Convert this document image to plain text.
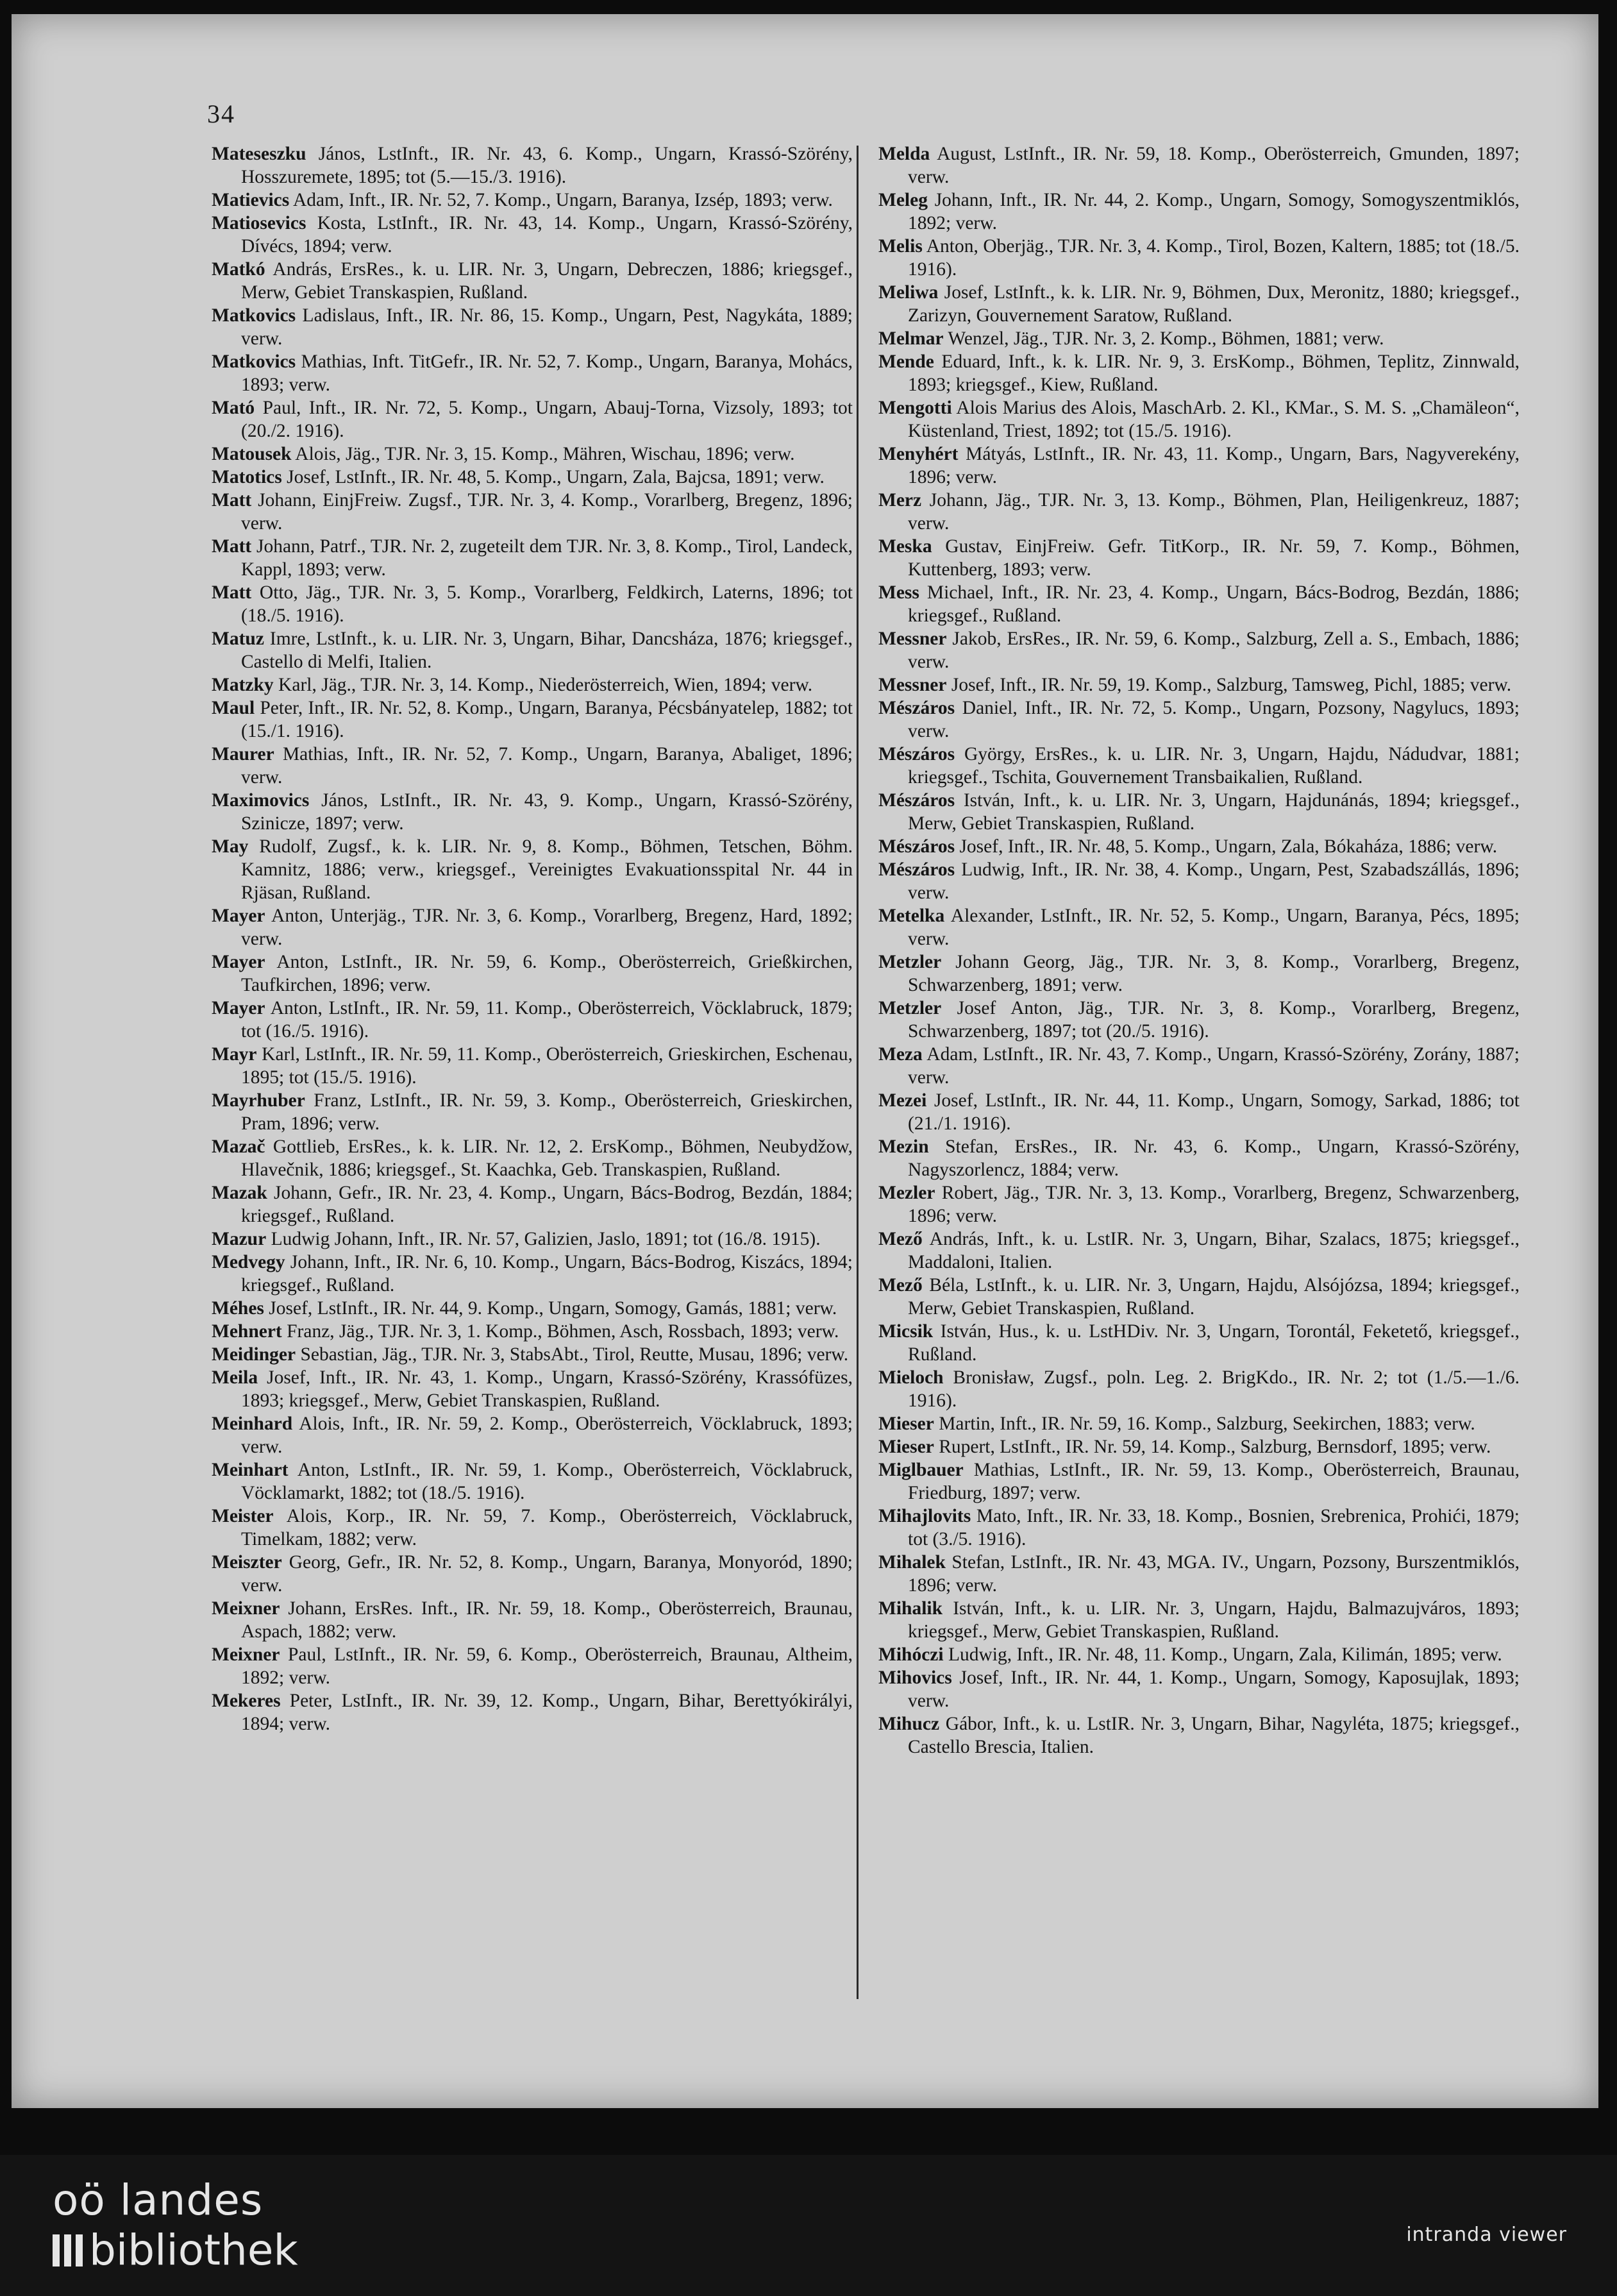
34
Mateseszku János, LstInft., IR. Nr. 43, 6. Komp., Ungarn, Krassó-Szörény, Hosszuremete, 1895; tot (5.—15./3. 1916).
Matievics Adam, Inft., IR. Nr. 52, 7. Komp., Ungarn, Baranya, Izsép, 1893; verw.
Matiosevics Kosta, LstInft., IR. Nr. 43, 14. Komp., Ungarn, Krassó-Szörény, Dívécs, 1894; verw.
Matkó András, ErsRes., k. u. LIR. Nr. 3, Ungarn, Debreczen, 1886; kriegsgef., Merw, Gebiet Transkaspien, Rußland.
Matkovics Ladislaus, Inft., IR. Nr. 86, 15. Komp., Ungarn, Pest, Nagykáta, 1889; verw.
Matkovics Mathias, Inft. TitGefr., IR. Nr. 52, 7. Komp., Ungarn, Baranya, Mohács, 1893; verw.
Mató Paul, Inft., IR. Nr. 72, 5. Komp., Ungarn, Abauj-Torna, Vizsoly, 1893; tot (20./2. 1916).
Matousek Alois, Jäg., TJR. Nr. 3, 15. Komp., Mähren, Wischau, 1896; verw.
Matotics Josef, LstInft., IR. Nr. 48, 5. Komp., Ungarn, Zala, Bajcsa, 1891; verw.
Matt Johann, EinjFreiw. Zugsf., TJR. Nr. 3, 4. Komp., Vorarlberg, Bregenz, 1896; verw.
Matt Johann, Patrf., TJR. Nr. 2, zugeteilt dem TJR. Nr. 3, 8. Komp., Tirol, Landeck, Kappl, 1893; verw.
Matt Otto, Jäg., TJR. Nr. 3, 5. Komp., Vorarlberg, Feldkirch, Laterns, 1896; tot (18./5. 1916).
Matuz Imre, LstInft., k. u. LIR. Nr. 3, Ungarn, Bihar, Dancsháza, 1876; kriegsgef., Castello di Melfi, Italien.
Matzky Karl, Jäg., TJR. Nr. 3, 14. Komp., Niederösterreich, Wien, 1894; verw.
Maul Peter, Inft., IR. Nr. 52, 8. Komp., Ungarn, Baranya, Pécsbányatelep, 1882; tot (15./1. 1916).
Maurer Mathias, Inft., IR. Nr. 52, 7. Komp., Ungarn, Baranya, Abaliget, 1896; verw.
Maximovics János, LstInft., IR. Nr. 43, 9. Komp., Ungarn, Krassó-Szörény, Szinicze, 1897; verw.
May Rudolf, Zugsf., k. k. LIR. Nr. 9, 8. Komp., Böhmen, Tetschen, Böhm. Kamnitz, 1886; verw., kriegsgef., Vereinigtes Evakuationsspital Nr. 44 in Rjäsan, Rußland.
Mayer Anton, Unterjäg., TJR. Nr. 3, 6. Komp., Vorarlberg, Bregenz, Hard, 1892; verw.
Mayer Anton, LstInft., IR. Nr. 59, 6. Komp., Oberösterreich, Grießkirchen, Taufkirchen, 1896; verw.
Mayer Anton, LstInft., IR. Nr. 59, 11. Komp., Oberösterreich, Vöcklabruck, 1879; tot (16./5. 1916).
Mayr Karl, LstInft., IR. Nr. 59, 11. Komp., Oberösterreich, Grieskirchen, Eschenau, 1895; tot (15./5. 1916).
Mayrhuber Franz, LstInft., IR. Nr. 59, 3. Komp., Oberösterreich, Grieskirchen, Pram, 1896; verw.
Mazač Gottlieb, ErsRes., k. k. LIR. Nr. 12, 2. ErsKomp., Böhmen, Neubydžow, Hlavečnik, 1886; kriegsgef., St. Kaachka, Geb. Transkaspien, Rußland.
Mazak Johann, Gefr., IR. Nr. 23, 4. Komp., Ungarn, Bács-Bodrog, Bezdán, 1884; kriegsgef., Rußland.
Mazur Ludwig Johann, Inft., IR. Nr. 57, Galizien, Jaslo, 1891; tot (16./8. 1915).
Medvegy Johann, Inft., IR. Nr. 6, 10. Komp., Ungarn, Bács-Bodrog, Kiszács, 1894; kriegsgef., Rußland.
Méhes Josef, LstInft., IR. Nr. 44, 9. Komp., Ungarn, Somogy, Gamás, 1881; verw.
Mehnert Franz, Jäg., TJR. Nr. 3, 1. Komp., Böhmen, Asch, Rossbach, 1893; verw.
Meidinger Sebastian, Jäg., TJR. Nr. 3, StabsAbt., Tirol, Reutte, Musau, 1896; verw.
Meila Josef, Inft., IR. Nr. 43, 1. Komp., Ungarn, Krassó-Szörény, Krassófüzes, 1893; kriegsgef., Merw, Gebiet Transkaspien, Rußland.
Meinhard Alois, Inft., IR. Nr. 59, 2. Komp., Oberösterreich, Vöcklabruck, 1893; verw.
Meinhart Anton, LstInft., IR. Nr. 59, 1. Komp., Oberösterreich, Vöcklabruck, Vöcklamarkt, 1882; tot (18./5. 1916).
Meister Alois, Korp., IR. Nr. 59, 7. Komp., Oberösterreich, Vöcklabruck, Timelkam, 1882; verw.
Meiszter Georg, Gefr., IR. Nr. 52, 8. Komp., Ungarn, Baranya, Monyoród, 1890; verw.
Meixner Johann, ErsRes. Inft., IR. Nr. 59, 18. Komp., Oberösterreich, Braunau, Aspach, 1882; verw.
Meixner Paul, LstInft., IR. Nr. 59, 6. Komp., Oberösterreich, Braunau, Altheim, 1892; verw.
Mekeres Peter, LstInft., IR. Nr. 39, 12. Komp., Ungarn, Bihar, Berettyókirályi, 1894; verw.
Melda August, LstInft., IR. Nr. 59, 18. Komp., Oberösterreich, Gmunden, 1897; verw.
Meleg Johann, Inft., IR. Nr. 44, 2. Komp., Ungarn, Somogy, Somogyszentmiklós, 1892; verw.
Melis Anton, Oberjäg., TJR. Nr. 3, 4. Komp., Tirol, Bozen, Kaltern, 1885; tot (18./5. 1916).
Meliwa Josef, LstInft., k. k. LIR. Nr. 9, Böhmen, Dux, Meronitz, 1880; kriegsgef., Zarizyn, Gouvernement Saratow, Rußland.
Melmar Wenzel, Jäg., TJR. Nr. 3, 2. Komp., Böhmen, 1881; verw.
Mende Eduard, Inft., k. k. LIR. Nr. 9, 3. ErsKomp., Böhmen, Teplitz, Zinnwald, 1893; kriegsgef., Kiew, Rußland.
Mengotti Alois Marius des Alois, MaschArb. 2. Kl., KMar., S. M. S. „Chamäleon“, Küstenland, Triest, 1892; tot (15./5. 1916).
Menyhért Mátyás, LstInft., IR. Nr. 43, 11. Komp., Ungarn, Bars, Nagyverekény, 1896; verw.
Merz Johann, Jäg., TJR. Nr. 3, 13. Komp., Böhmen, Plan, Heiligenkreuz, 1887; verw.
Meska Gustav, EinjFreiw. Gefr. TitKorp., IR. Nr. 59, 7. Komp., Böhmen, Kuttenberg, 1893; verw.
Mess Michael, Inft., IR. Nr. 23, 4. Komp., Ungarn, Bács-Bodrog, Bezdán, 1886; kriegsgef., Rußland.
Messner Jakob, ErsRes., IR. Nr. 59, 6. Komp., Salzburg, Zell a. S., Embach, 1886; verw.
Messner Josef, Inft., IR. Nr. 59, 19. Komp., Salzburg, Tamsweg, Pichl, 1885; verw.
Mészáros Daniel, Inft., IR. Nr. 72, 5. Komp., Ungarn, Pozsony, Nagylucs, 1893; verw.
Mészáros György, ErsRes., k. u. LIR. Nr. 3, Ungarn, Hajdu, Nádudvar, 1881; kriegsgef., Tschita, Gouvernement Transbaikalien, Rußland.
Mészáros István, Inft., k. u. LIR. Nr. 3, Ungarn, Hajdunánás, 1894; kriegsgef., Merw, Gebiet Transkaspien, Rußland.
Mészáros Josef, Inft., IR. Nr. 48, 5. Komp., Ungarn, Zala, Bókaháza, 1886; verw.
Mészáros Ludwig, Inft., IR. Nr. 38, 4. Komp., Ungarn, Pest, Szabadszállás, 1896; verw.
Metelka Alexander, LstInft., IR. Nr. 52, 5. Komp., Ungarn, Baranya, Pécs, 1895; verw.
Metzler Johann Georg, Jäg., TJR. Nr. 3, 8. Komp., Vorarlberg, Bregenz, Schwarzenberg, 1891; verw.
Metzler Josef Anton, Jäg., TJR. Nr. 3, 8. Komp., Vorarlberg, Bregenz, Schwarzenberg, 1897; tot (20./5. 1916).
Meza Adam, LstInft., IR. Nr. 43, 7. Komp., Ungarn, Krassó-Szörény, Zorány, 1887; verw.
Mezei Josef, LstInft., IR. Nr. 44, 11. Komp., Ungarn, Somogy, Sarkad, 1886; tot (21./1. 1916).
Mezin Stefan, ErsRes., IR. Nr. 43, 6. Komp., Ungarn, Krassó-Szörény, Nagyszorlencz, 1884; verw.
Mezler Robert, Jäg., TJR. Nr. 3, 13. Komp., Vorarlberg, Bregenz, Schwarzenberg, 1896; verw.
Mező András, Inft., k. u. LstIR. Nr. 3, Ungarn, Bihar, Szalacs, 1875; kriegsgef., Maddaloni, Italien.
Mező Béla, LstInft., k. u. LIR. Nr. 3, Ungarn, Hajdu, Alsójózsa, 1894; kriegsgef., Merw, Gebiet Transkaspien, Rußland.
Micsik István, Hus., k. u. LstHDiv. Nr. 3, Ungarn, Torontál, Feketető, kriegsgef., Rußland.
Mieloch Bronisław, Zugsf., poln. Leg. 2. BrigKdo., IR. Nr. 2; tot (1./5.—1./6. 1916).
Mieser Martin, Inft., IR. Nr. 59, 16. Komp., Salzburg, Seekirchen, 1883; verw.
Mieser Rupert, LstInft., IR. Nr. 59, 14. Komp., Salzburg, Bernsdorf, 1895; verw.
Miglbauer Mathias, LstInft., IR. Nr. 59, 13. Komp., Oberösterreich, Braunau, Friedburg, 1897; verw.
Mihajlovits Mato, Inft., IR. Nr. 33, 18. Komp., Bosnien, Srebrenica, Prohići, 1879; tot (3./5. 1916).
Mihalek Stefan, LstInft., IR. Nr. 43, MGA. IV., Ungarn, Pozsony, Burszentmiklós, 1896; verw.
Mihalik István, Inft., k. u. LIR. Nr. 3, Ungarn, Hajdu, Balmazujváros, 1893; kriegsgef., Merw, Gebiet Transkaspien, Rußland.
Mihóczi Ludwig, Inft., IR. Nr. 48, 11. Komp., Ungarn, Zala, Kilimán, 1895; verw.
Mihovics Josef, Inft., IR. Nr. 44, 1. Komp., Ungarn, Somogy, Kaposujlak, 1893; verw.
Mihucz Gábor, Inft., k. u. LstIR. Nr. 3, Ungarn, Bihar, Nagyléta, 1875; kriegsgef., Castello Brescia, Italien.
oö landes
bibliothek	intranda viewer
